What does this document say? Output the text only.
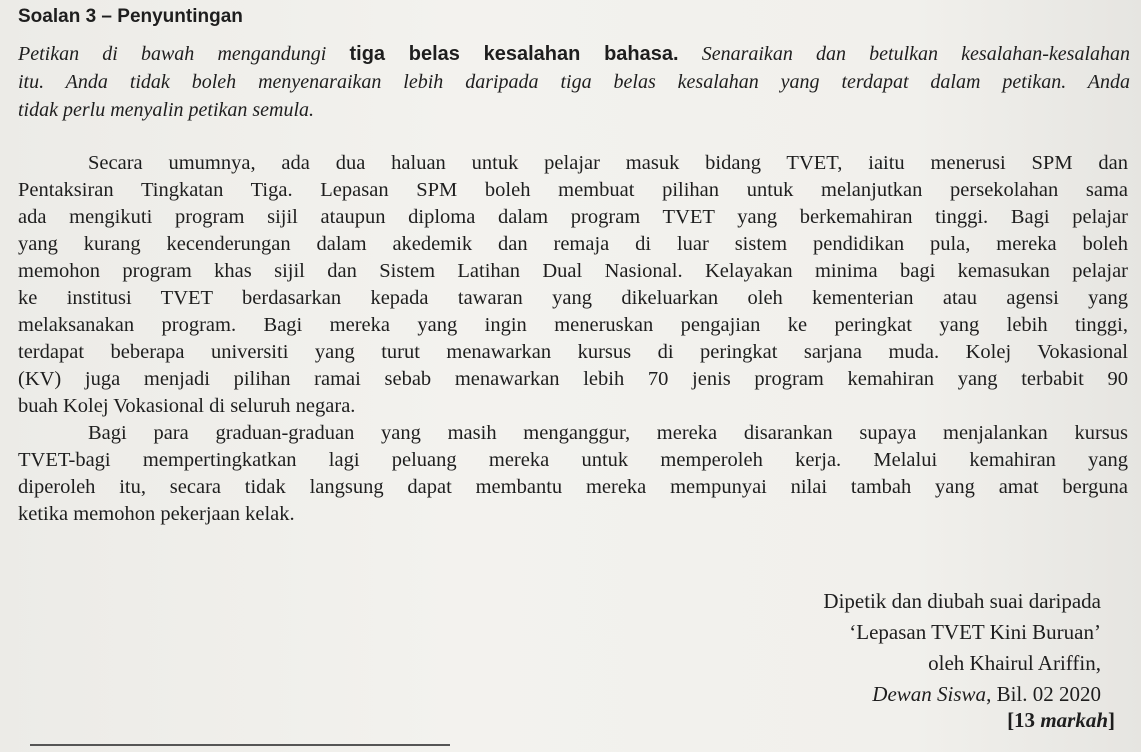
Soalan 3 – Penyuntingan
Petikan di bawah mengandungi tiga belas kesalahan bahasa. Senaraikan dan betulkan kesalahan-kesalahan
itu. Anda tidak boleh menyenaraikan lebih daripada tiga belas kesalahan yang terdapat dalam petikan. Anda
tidak perlu menyalin petikan semula.
Secara umumnya, ada dua haluan untuk pelajar masuk bidang TVET, iaitu menerusi SPM dan
Pentaksiran Tingkatan Tiga. Lepasan SPM boleh membuat pilihan untuk melanjutkan persekolahan sama
ada mengikuti program sijil ataupun diploma dalam program TVET yang berkemahiran tinggi. Bagi pelajar
yang kurang kecenderungan dalam akedemik dan remaja di luar sistem pendidikan pula, mereka boleh
memohon program khas sijil dan Sistem Latihan Dual Nasional. Kelayakan minima bagi kemasukan pelajar
ke institusi TVET berdasarkan kepada tawaran yang dikeluarkan oleh kementerian atau agensi yang
melaksanakan program. Bagi mereka yang ingin meneruskan pengajian ke peringkat yang lebih tinggi,
terdapat beberapa universiti yang turut menawarkan kursus di peringkat sarjana muda. Kolej Vokasional
(KV) juga menjadi pilihan ramai sebab menawarkan lebih 70 jenis program kemahiran yang terbabit 90
buah Kolej Vokasional di seluruh negara.
Bagi para graduan-graduan yang masih menganggur, mereka disarankan supaya menjalankan kursus
TVET-bagi mempertingkatkan lagi peluang mereka untuk memperoleh kerja. Melalui kemahiran yang
diperoleh itu, secara tidak langsung dapat membantu mereka mempunyai nilai tambah yang amat berguna
ketika memohon pekerjaan kelak.
Dipetik dan diubah suai daripada
‘Lepasan TVET Kini Buruan’
oleh Khairul Ariffin,
Dewan Siswa, Bil. 02 2020
[13 markah]
